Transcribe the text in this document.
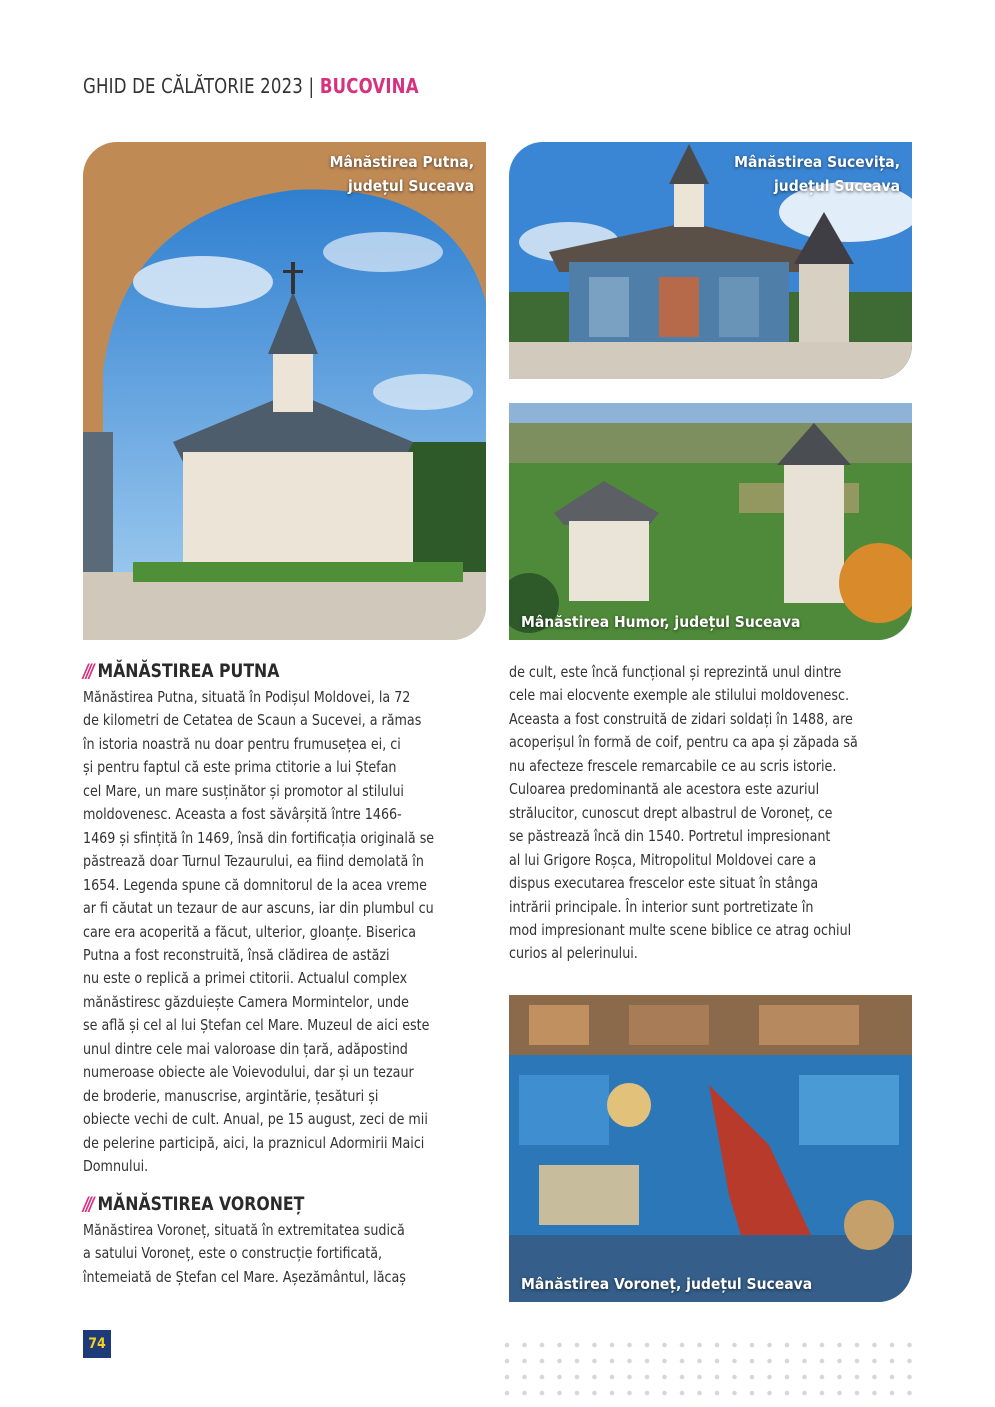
GHID DE CĂLĂTORIE 2023 | BUCOVINA
Mânăstirea Putna,
județul Suceava
Mânăstirea Sucevița,
județul Suceava
Mânăstirea Humor, județul Suceava
/// MĂNĂSTIREA PUTNA
Mănăstirea Putna, situată în Podișul Moldovei, la 72
de kilometri de Cetatea de Scaun a Sucevei, a rămas
în istoria noastră nu doar pentru frumusețea ei, ci
și pentru faptul că este prima ctitorie a lui Ștefan
cel Mare, un mare susținător și promotor al stilului
moldovenesc. Aceasta a fost săvârșită între 1466-
1469 și sfințită în 1469, însă din fortificația originală se
păstrează doar Turnul Tezaurului, ea fiind demolată în
1654. Legenda spune că domnitorul de la acea vreme
ar fi căutat un tezaur de aur ascuns, iar din plumbul cu
care era acoperită a făcut, ulterior, gloanțe. Biserica
Putna a fost reconstruită, însă clădirea de astăzi
nu este o replică a primei ctitorii. Actualul complex
mănăstiresc găzduiește Camera Mormintelor, unde
se află și cel al lui Ștefan cel Mare. Muzeul de aici este
unul dintre cele mai valoroase din țară, adăpostind
numeroase obiecte ale Voievodului, dar și un tezaur
de broderie, manuscrise, argintărie, țesături și
obiecte vechi de cult. Anual, pe 15 august, zeci de mii
de pelerine participă, aici, la praznicul Adormirii Maici
Domnului.
/// MĂNĂSTIREA VORONEȚ
Mănăstirea Voroneț, situată în extremitatea sudică
a satului Voroneț, este o construcție fortificată,
întemeiată de Ștefan cel Mare. Așezământul, lăcaș
de cult, este încă funcțional și reprezintă unul dintre
cele mai elocvente exemple ale stilului moldovenesc.
Aceasta a fost construită de zidari soldați în 1488, are
acoperișul în formă de coif, pentru ca apa și zăpada să
nu afecteze frescele remarcabile ce au scris istorie.
Culoarea predominantă ale acestora este azuriul
strălucitor, cunoscut drept albastrul de Voroneț, ce
se păstrează încă din 1540. Portretul impresionant
al lui Grigore Roșca, Mitropolitul Moldovei care a
dispus executarea frescelor este situat în stânga
intrării principale. În interior sunt portretizate în
mod impresionant multe scene biblice ce atrag ochiul
curios al pelerinului.
Mânăstirea Voroneț, județul Suceava
74
